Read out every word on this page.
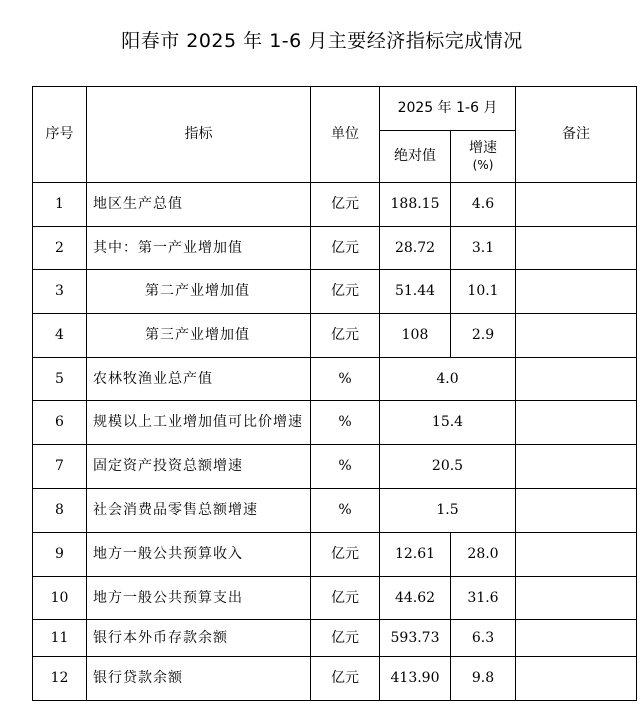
阳春市 2025 年 1-6 月主要经济指标完成情况
序号	指标	单位	2025 年 1-6 月		备注
			绝对值	增速
(%)	

1	地区生产总值	亿元	188.15	4.6	
2	其中：第一产业增加值	亿元	28.72	3.1	
3	第二产业增加值	亿元	51.44	10.1	
4	第三产业增加值	亿元	108	2.9	
5	农林牧渔业总产值	%	4.0		
6	规模以上工业增加值可比价增速	%	15.4		
7	固定资产投资总额增速	%	20.5		
8	社会消费品零售总额增速	%	1.5		
9	地方一般公共预算收入	亿元	12.61	28.0	
10	地方一般公共预算支出	亿元	44.62	31.6	
11	银行本外币存款余额	亿元	593.73	6.3	
12	银行贷款余额	亿元	413.90	9.8	
